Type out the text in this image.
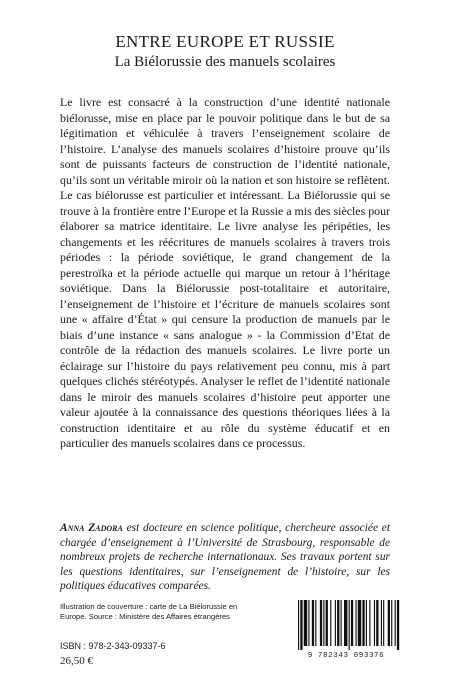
ENTRE EUROPE ET RUSSIE
La Biélorussie des manuels scolaires
Le livre est consacré à la construction d’une identité nationale biélorusse, mise en place par le pouvoir politique dans le but de sa légitimation et véhiculée à travers l’enseignement scolaire de l’histoire. L’analyse des manuels scolaires d’histoire prouve qu’ils sont de puissants facteurs de construction de l’identité nationale, qu’ils sont un véritable miroir où la nation et son histoire se reflètent. Le cas biélorusse est particulier et intéressant. La Biélorussie qui se trouve à la frontière entre l’Europe et la Russie a mis des siècles pour élaborer sa matrice identitaire. Le livre analyse les péripéties, les changements et les réécritures de manuels scolaires à travers trois périodes : la période soviétique, le grand changement de la perestroïka et la période actuelle qui marque un retour à l’héritage soviétique. Dans la Biélorussie post-totalitaire et autoritaire, l’enseignement de l’histoire et l’écriture de manuels scolaires sont une « affaire d’État » qui censure la production de manuels par le biais d’une instance « sans analogue » - la Commission d’Etat de contrôle de la rédaction des manuels scolaires. Le livre porte un éclairage sur l’histoire du pays relativement peu connu, mis à part quelques clichés stéréotypés. Analyser le reflet de l’identité nationale dans le miroir des manuels scolaires d’histoire peut apporter une valeur ajoutée à la connaissance des questions théoriques liées à la construction identitaire et au rôle du système éducatif et en particulier des manuels scolaires dans ce processus.
Anna Zadora est docteure en science politique, chercheure associée et chargée d’enseignement à l’Université de Strasbourg, responsable de nombreux projets de recherche internationaux. Ses travaux portent sur les questions identitaires, sur l’enseignement de l’histoire, sur les politiques éducatives comparées.
Illustration de couverture : carte de La Biélorussie en
Europe. Source : Ministère des Affaires étrangères
ISBN : 978-2-343-09337-6
26,50 €	9 782343 093376
